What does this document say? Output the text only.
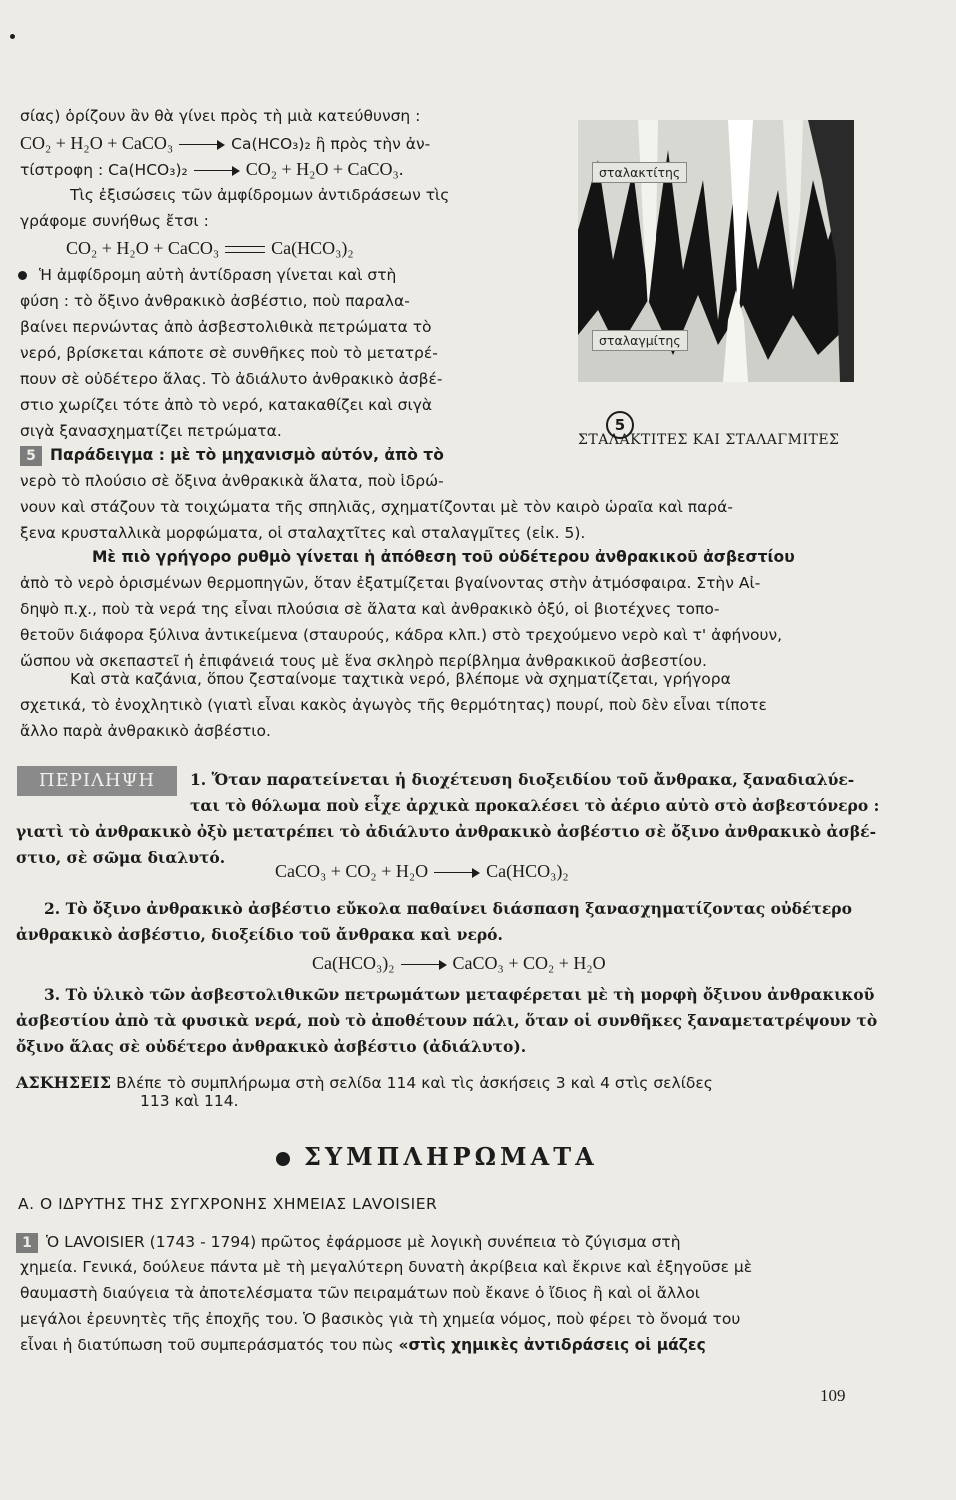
σίας) ὁρίζουν ἂν θὰ γίνει πρὸς τὴ μιὰ κατεύθυνση :
CO₂ + H₂O + CaCO₃	Ca(HCO₃)₂ ἢ πρὸς τὴν ἀν-
τίστροφη : Ca(HCO₃)₂	CO₂ + H₂O + CaCO₃.
Τὶς ἐξισώσεις τῶν ἀμφίδρομων ἀντιδράσεων τὶς
γράφομε συνήθως ἔτσι :
CO₂ + H₂O + CaCO₃	Ca(HCO₃)₂
Ἡ ἀμφίδρομη αὐτὴ ἀντίδραση γίνεται καὶ στὴ
φύση : τὸ ὄξινο ἀνθρακικὸ ἀσβέστιο, ποὺ παραλα-
βαίνει περνώντας ἀπὸ ἀσβεστολιθικὰ πετρώματα τὸ
νερό, βρίσκεται κάποτε σὲ συνθῆκες ποὺ τὸ μετατρέ-
πουν σὲ οὐδέτερο ἅλας. Τὸ ἀδιάλυτο ἀνθρακικὸ ἀσβέ-
στιο χωρίζει τότε ἀπὸ τὸ νερό, κατακαθίζει καὶ σιγὰ
σιγὰ ξανασχηματίζει πετρώματα.
5 Παράδειγμα : μὲ τὸ μηχανισμὸ αὐτόν, ἀπὸ τὸ
νερὸ τὸ πλούσιο σὲ ὄξινα ἀνθρακικὰ ἅλατα, ποὺ ἱδρώ-
νουν καὶ στάζουν τὰ τοιχώματα τῆς σπηλιᾶς, σχηματίζονται μὲ τὸν καιρὸ ὡραῖα καὶ παρά-
ξενα κρυσταλλικὰ μορφώματα, οἱ σταλαχτῖτες καὶ σταλαγμῖτες (εἰκ. 5).
σταλακτίτης
σταλαγμίτης
5
ΣΤΑΛΑΚΤΙΤΕΣ ΚΑΙ ΣΤΑΛΑΓΜΙΤΕΣ
Μὲ πιὸ γρήγορο ρυθμὸ γίνεται ἡ ἀπόθεση τοῦ οὐδέτερου ἀνθρακικοῦ ἀσβεστίου
ἀπὸ τὸ νερὸ ὁρισμένων θερμοπηγῶν, ὅταν ἐξατμίζεται βγαίνοντας στὴν ἀτμόσφαιρα. Στὴν Αἰ-
δηψὸ π.χ., ποὺ τὰ νερά της εἶναι πλούσια σὲ ἅλατα καὶ ἀνθρακικὸ ὀξύ, οἱ βιοτέχνες τοπο-
θετοῦν διάφορα ξύλινα ἀντικείμενα (σταυρούς, κάδρα κλπ.) στὸ τρεχούμενο νερὸ καὶ τ' ἀφήνουν,
ὥσπου νὰ σκεπαστεῖ ἡ ἐπιφάνειά τους μὲ ἕνα σκληρὸ περίβλημα ἀνθρακικοῦ ἀσβεστίου.
Καὶ στὰ καζάνια, ὅπου ζεσταίνομε ταχτικὰ νερό, βλέπομε νὰ σχηματίζεται, γρήγορα
σχετικά, τὸ ἐνοχλητικὸ (γιατὶ εἶναι κακὸς ἀγωγὸς τῆς θερμότητας) πουρί, ποὺ δὲν εἶναι τίποτε
ἄλλο παρὰ ἀνθρακικὸ ἀσβέστιο.
ΠΕΡΙΛΗΨΗ	1. Ὅταν παρατείνεται ἡ διοχέτευση διοξειδίου τοῦ ἄνθρακα, ξαναδιαλύε-
ται τὸ θόλωμα ποὺ εἶχε ἀρχικὰ προκαλέσει τὸ ἀέριο αὐτὸ στὸ ἀσβεστόνερο :
γιατὶ τὸ ἀνθρακικὸ ὀξὺ μετατρέπει τὸ ἀδιάλυτο ἀνθρακικὸ ἀσβέστιο σὲ ὄξινο ἀνθρακικὸ ἀσβέ-
στιο, σὲ σῶμα διαλυτό.
CaCO₃ + CO₂ + H₂O	Ca(HCO₃)₂
2. Τὸ ὄξινο ἀνθρακικὸ ἀσβέστιο εὔκολα παθαίνει διάσπαση ξανασχηματίζοντας οὐδέτερο
ἀνθρακικὸ ἀσβέστιο, διοξείδιο τοῦ ἄνθρακα καὶ νερό.
Ca(HCO₃)₂	CaCO₃ + CO₂ + H₂O
3. Τὸ ὑλικὸ τῶν ἀσβεστολιθικῶν πετρωμάτων μεταφέρεται μὲ τὴ μορφὴ ὄξινου ἀνθρακικοῦ
ἀσβεστίου ἀπὸ τὰ φυσικὰ νερά, ποὺ τὸ ἀποθέτουν πάλι, ὅταν οἱ συνθῆκες ξαναμετατρέψουν τὸ
ὄξινο ἅλας σὲ οὐδέτερο ἀνθρακικὸ ἀσβέστιο (ἀδιάλυτο).
ΑΣΚΗΣΕΙΣ Βλέπε τὸ συμπλήρωμα στὴ σελίδα 114 καὶ τὶς ἀσκήσεις 3 καὶ 4 στὶς σελίδες
113 καὶ 114.
ΣΥΜΠΛΗΡΩΜΑΤΑ
Α. Ο ΙΔΡΥΤΗΣ ΤΗΣ ΣΥΓΧΡΟΝΗΣ ΧΗΜΕΙΑΣ LAVOISIER
1 Ὁ LAVOISIER (1743 - 1794) πρῶτος ἐφάρμοσε μὲ λογικὴ συνέπεια τὸ ζύγισμα στὴ
χημεία. Γενικά, δούλευε πάντα μὲ τὴ μεγαλύτερη δυνατὴ ἀκρίβεια καὶ ἔκρινε καὶ ἐξηγοῦσε μὲ
θαυμαστὴ διαύγεια τὰ ἀποτελέσματα τῶν πειραμάτων ποὺ ἔκανε ὁ ἴδιος ἢ καὶ οἱ ἄλλοι
μεγάλοι ἐρευνητὲς τῆς ἐποχῆς του. Ὁ βασικὸς γιὰ τὴ χημεία νόμος, ποὺ φέρει τὸ ὄνομά του
εἶναι ἡ διατύπωση τοῦ συμπεράσματός του πὼς «στὶς χημικὲς ἀντιδράσεις οἱ μάζες
109
